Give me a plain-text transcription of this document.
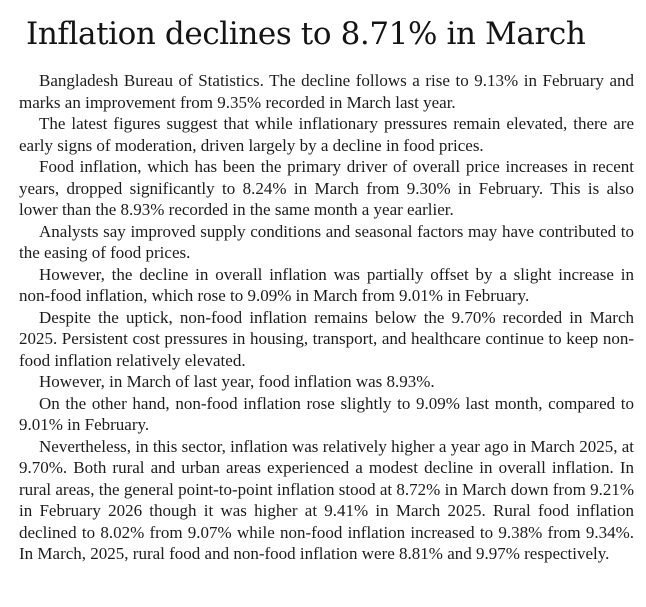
Inflation declines to 8.71% in March

Bangladesh Bureau of Statistics. The decline follows a rise to 9.13% in February and marks an improvement from 9.35% recorded in March last year.

The latest figures suggest that while inflationary pressures remain elevated, there are early signs of moderation, driven largely by a decline in food prices.

Food inflation, which has been the primary driver of overall price increases in recent years, dropped significantly to 8.24% in March from 9.30% in February. This is also lower than the 8.93% recorded in the same month a year earlier.

Analysts say improved supply conditions and seasonal factors may have contributed to the easing of food prices.

However, the decline in overall inflation was partially offset by a slight increase in non-food inflation, which rose to 9.09% in March from 9.01% in February.

Despite the uptick, non-food inflation remains below the 9.70% recorded in March 2025. Persistent cost pressures in housing, transport, and healthcare continue to keep non-food inflation relatively elevated.

However, in March of last year, food inflation was 8.93%.

On the other hand, non-food inflation rose slightly to 9.09% last month, compared to 9.01% in February.

Nevertheless, in this sector, inflation was relatively higher a year ago in March 2025, at 9.70%. Both rural and urban areas experienced a modest decline in overall inflation. In rural areas, the general point-to-point inflation stood at 8.72% in March down from 9.21% in February 2026 though it was higher at 9.41% in March 2025. Rural food inflation declined to 8.02% from 9.07% while non-food inflation increased to 9.38% from 9.34%. In March, 2025, rural food and non-food inflation were 8.81% and 9.97% respectively.
